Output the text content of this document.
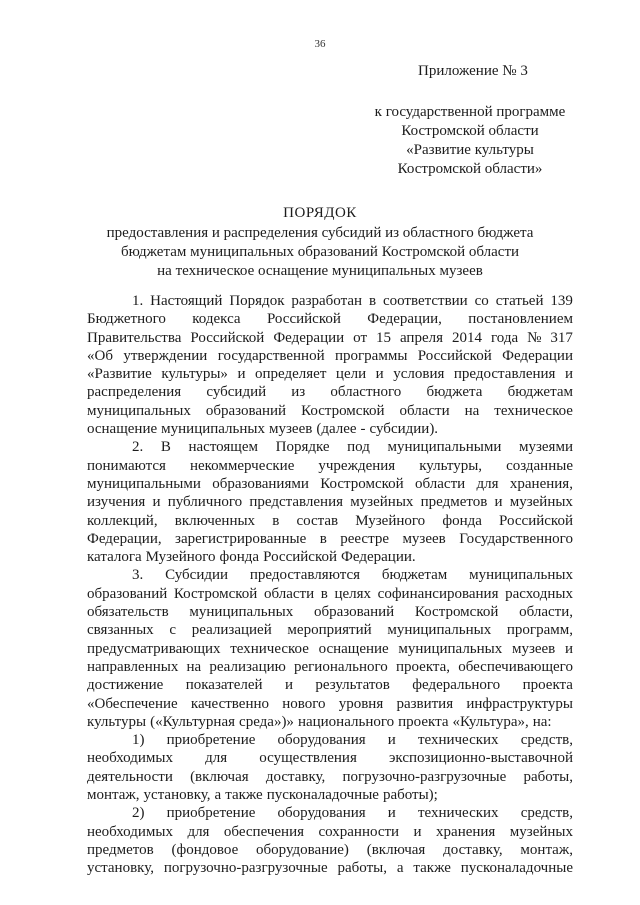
36
Приложение № 3
к государственной программе
Костромской области
«Развитие культуры
Костромской области»
ПОРЯДОК
предоставления и распределения субсидий из областного бюджета
бюджетам муниципальных образований Костромской области
на техническое оснащение муниципальных музеев
1. Настоящий Порядок разработан в соответствии со статьей 139
Бюджетного кодекса Российской Федерации, постановлением
Правительства Российской Федерации от 15 апреля 2014 года № 317
«Об утверждении государственной программы Российской Федерации
«Развитие культуры» и определяет цели и условия предоставления и
распределения субсидий из областного бюджета бюджетам
муниципальных образований Костромской области на техническое
оснащение муниципальных музеев (далее - субсидии).
2. В настоящем Порядке под муниципальными музеями
понимаются некоммерческие учреждения культуры, созданные
муниципальными образованиями Костромской области для хранения,
изучения и публичного представления музейных предметов и музейных
коллекций, включенных в состав Музейного фонда Российской
Федерации, зарегистрированные в реестре музеев Государственного
каталога Музейного фонда Российской Федерации.
3. Субсидии предоставляются бюджетам муниципальных
образований Костромской области в целях софинансирования расходных
обязательств муниципальных образований Костромской области,
связанных с реализацией мероприятий муниципальных программ,
предусматривающих техническое оснащение муниципальных музеев и
направленных на реализацию регионального проекта, обеспечивающего
достижение показателей и результатов федерального проекта
«Обеспечение качественно нового уровня развития инфраструктуры
культуры («Культурная среда»)» национального проекта «Культура», на:
1) приобретение оборудования и технических средств,
необходимых для осуществления экспозиционно-выставочной
деятельности (включая доставку, погрузочно-разгрузочные работы,
монтаж, установку, а также пусконаладочные работы);
2) приобретение оборудования и технических средств,
необходимых для обеспечения сохранности и хранения музейных
предметов (фондовое оборудование) (включая доставку, монтаж,
установку, погрузочно-разгрузочные работы, а также пусконаладочные
